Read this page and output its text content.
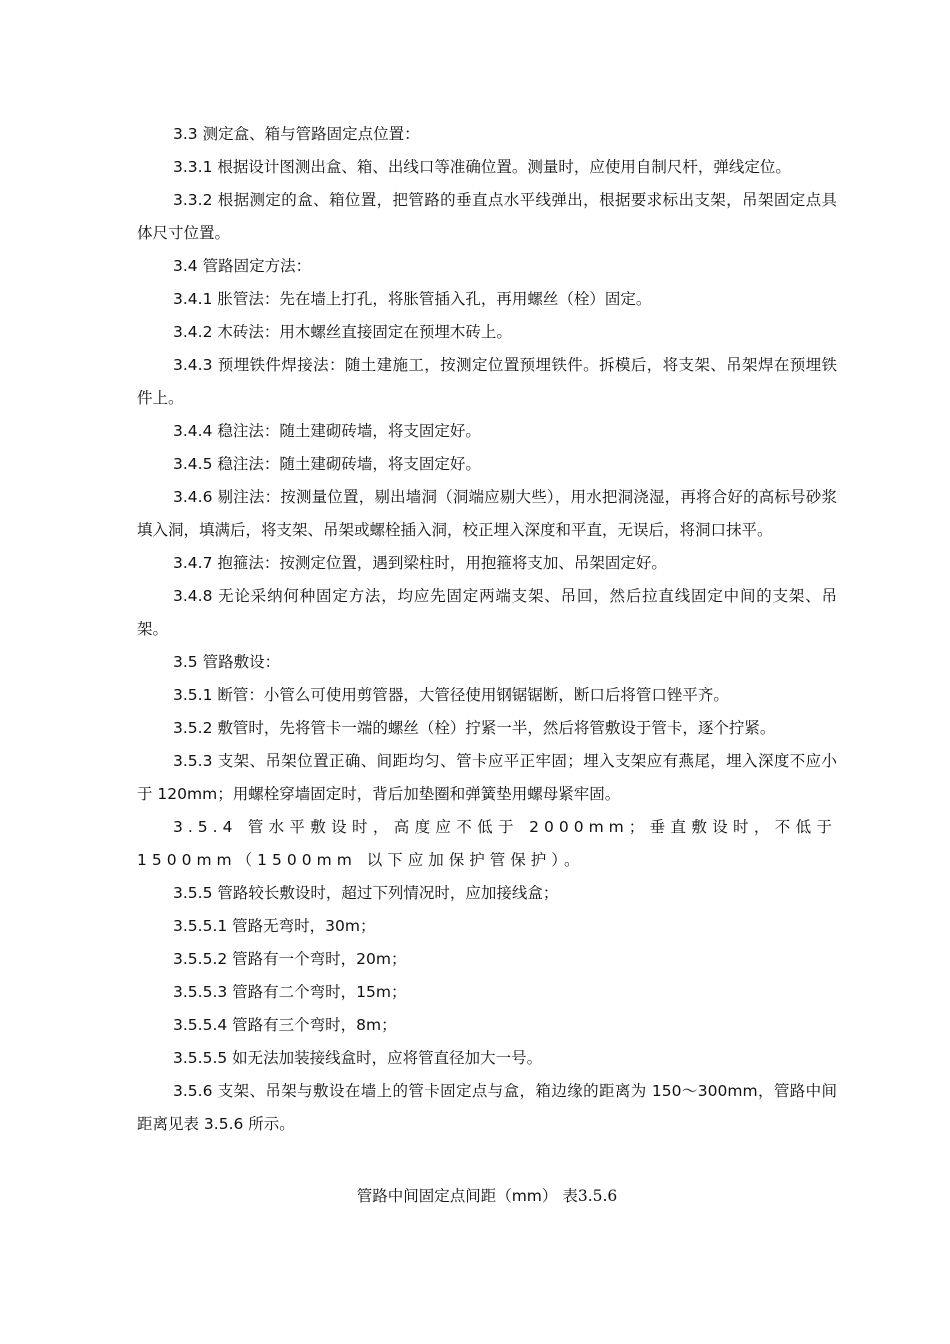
3.3 测定盒、箱与管路固定点位置：

3.3.1 根据设计图测出盒、箱、出线口等准确位置。测量时，应使用自制尺杆，弹线定位。

3.3.2 根据测定的盒、箱位置，把管路的垂直点水平线弹出，根据要求标出支架，吊架固定点具体尺寸位置。

3.4 管路固定方法：

3.4.1 胀管法：先在墙上打孔，将胀管插入孔，再用螺丝（栓）固定。

3.4.2 木砖法：用木螺丝直接固定在预埋木砖上。

3.4.3 预埋铁件焊接法：随土建施工，按测定位置预埋铁件。拆模后，将支架、吊架焊在预埋铁件上。

3.4.4 稳注法：随土建砌砖墙，将支固定好。

3.4.5 稳注法：随土建砌砖墙，将支固定好。

3.4.6 剔注法：按测量位置，剔出墙洞（洞端应剔大些），用水把洞浇湿，再将合好的高标号砂浆填入洞，填满后，将支架、吊架或螺栓插入洞，校正埋入深度和平直，无误后，将洞口抹平。

3.4.7 抱箍法：按测定位置，遇到梁柱时，用抱箍将支加、吊架固定好。

3.4.8 无论采纳何种固定方法，均应先固定两端支架、吊回，然后拉直线固定中间的支架、吊架。

3.5 管路敷设：

3.5.1 断管：小管么可使用剪管器，大管径使用钢锯锯断，断口后将管口锉平齐。

3.5.2 敷管时，先将管卡一端的螺丝（栓）拧紧一半，然后将管敷设于管卡，逐个拧紧。

3.5.3 支架、吊架位置正确、间距均匀、管卡应平正牢固；埋入支架应有燕尾，埋入深度不应小于 120mm；用螺栓穿墙固定时，背后加垫圈和弹簧垫用螺母紧牢固。

3.5.4 管水平敷设时，高度应不低于 2000mm；垂直敷设时，不低于 1500mm（1500mm 以下应加保护管保护）。

3.5.5 管路较长敷设时，超过下列情况时，应加接线盒；

3.5.5.1 管路无弯时，30m；

3.5.5.2 管路有一个弯时，20m；

3.5.5.3 管路有二个弯时，15m；

3.5.5.4 管路有三个弯时，8m；

3.5.5.5 如无法加装接线盒时，应将管直径加大一号。

3.5.6 支架、吊架与敷设在墙上的管卡固定点与盒，箱边缘的距离为 150～300mm，管路中间距离见表 3.5.6 所示。

管路中间固定点间距（mm） 表3.5.6
